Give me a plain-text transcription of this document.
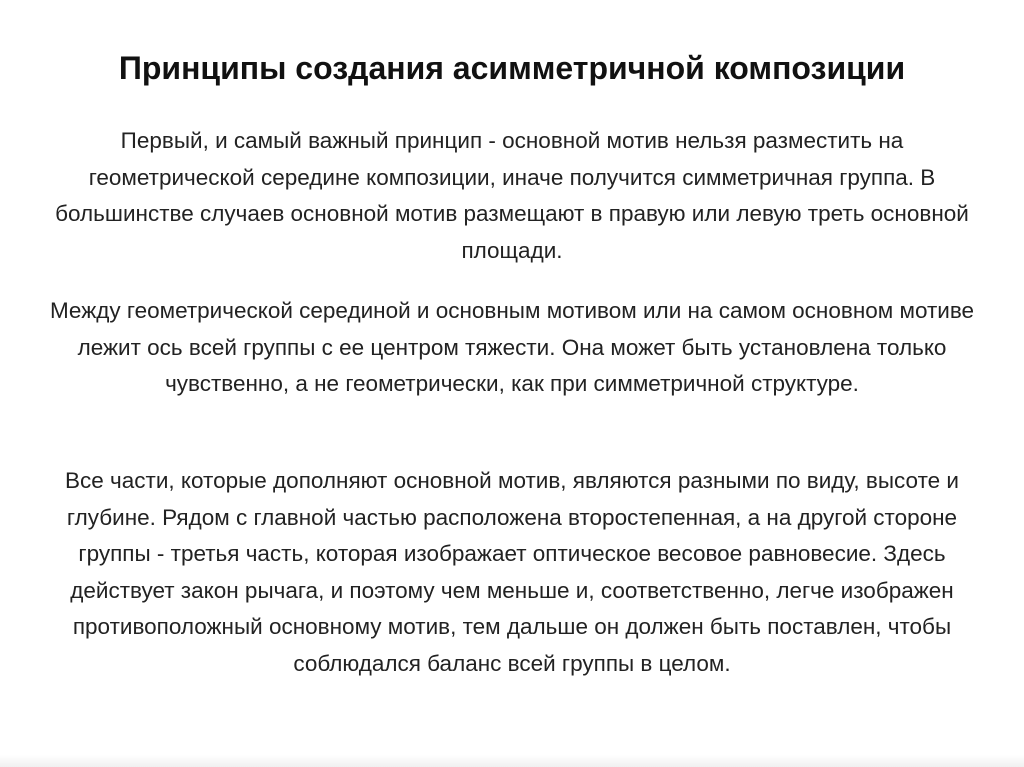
Принципы создания асимметричной композиции

Первый, и самый важный принцип - основной мотив нельзя разместить на геометрической середине композиции, иначе получится симметричная группа. В большинстве случаев основной мотив размещают в правую или левую треть основной площади.

Между геометрической серединой и основным мотивом или на самом основном мотиве лежит ось всей группы с ее центром тяжести. Она может быть установлена только чувственно, а не геометрически, как при симметричной структуре.

Все части, которые дополняют основной мотив, являются разными по виду, высоте и глубине. Рядом с главной частью расположена второстепенная, а на другой стороне группы - третья часть, которая изображает оптическое весовое равновесие. Здесь действует закон рычага, и поэтому чем меньше и, соответственно, легче изображен противоположный основному мотив, тем дальше он должен быть поставлен, чтобы соблюдался баланс всей группы в целом.
